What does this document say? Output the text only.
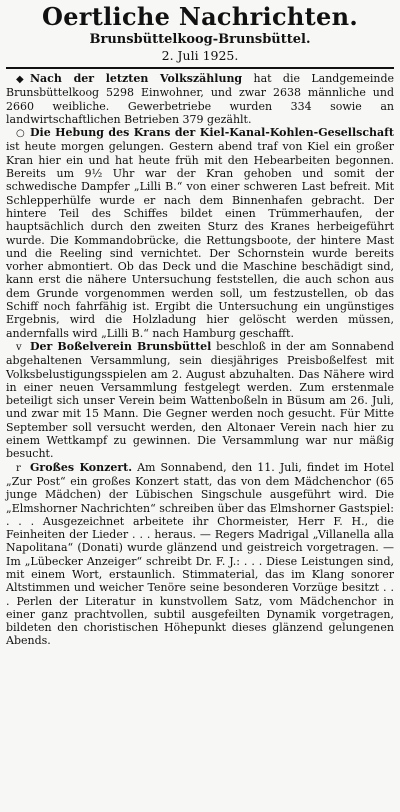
Oertliche Nachrichten.
Brunsbüttelkoog-Brunsbüttel.
2. Juli 1925.

◆ Nach der letzten Volkszählung hat die Landgemeinde Brunsbüttelkoog 5298 Einwohner, und zwar 2638 männliche und 2660 weibliche. Gewerbetriebe wurden 334 sowie an landwirtschaftlichen Betrieben 379 gezählt.

○ Die Hebung des Krans der Kiel-Kanal-Kohlen-Gesellschaft ist heute morgen gelungen. Gestern abend traf von Kiel ein großer Kran hier ein und hat heute früh mit den Hebearbeiten begonnen. Bereits um 9½ Uhr war der Kran gehoben und somit der schwedische Dampfer „Lilli B.“ von einer schweren Last befreit. Mit Schlepperhülfe wurde er nach dem Binnenhafen gebracht. Der hintere Teil des Schiffes bildet einen Trümmerhaufen, der hauptsächlich durch den zweiten Sturz des Kranes herbeigeführt wurde. Die Kommandobrücke, die Rettungsboote, der hintere Mast und die Reeling sind vernichtet. Der Schornstein wurde bereits vorher abmontiert. Ob das Deck und die Maschine beschädigt sind, kann erst die nähere Untersuchung feststellen, die auch schon aus dem Grunde vorgenommen werden soll, um festzustellen, ob das Schiff noch fahrfähig ist. Ergibt die Untersuchung ein ungünstiges Ergebnis, wird die Holzladung hier gelöscht werden müssen, andernfalls wird „Lilli B.“ nach Hamburg geschafft.

v Der Boßelverein Brunsbüttel beschloß in der am Sonnabend abgehaltenen Versammlung, sein diesjähriges Preisboßelfest mit Volksbelustigungsspielen am 2. August abzuhalten. Das Nähere wird in einer neuen Versammlung festgelegt werden. Zum erstenmale beteiligt sich unser Verein beim Wattenboßeln in Büsum am 26. Juli, und zwar mit 15 Mann. Die Gegner werden noch gesucht. Für Mitte September soll versucht werden, den Altonaer Verein nach hier zu einem Wettkampf zu gewinnen. Die Versammlung war nur mäßig besucht.

r Großes Konzert. Am Sonnabend, den 11. Juli, findet im Hotel „Zur Post“ ein großes Konzert statt, das von dem Mädchenchor (65 junge Mädchen) der Lübischen Singschule ausgeführt wird. Die „Elmshorner Nachrichten“ schreiben über das Elmshorner Gastspiel: . . . Ausgezeichnet arbeitete ihr Chormeister, Herr F. H., die Feinheiten der Lieder . . . heraus. — Regers Madrigal „Villanella alla Napolitana“ (Donati) wurde glänzend und geistreich vorgetragen. — Im „Lübecker Anzeiger“ schreibt Dr. F. J.: . . . Diese Leistungen sind, mit einem Wort, erstaunlich. Stimmaterial, das im Klang sonorer Altstimmen und weicher Tenöre seine besonderen Vorzüge besitzt . . . Perlen der Literatur in kunstvollem Satz, vom Mädchenchor in einer ganz prachtvollen, subtil ausgefeilten Dynamik vorgetragen, bildeten den choristischen Höhepunkt dieses glänzend gelungenen Abends.
